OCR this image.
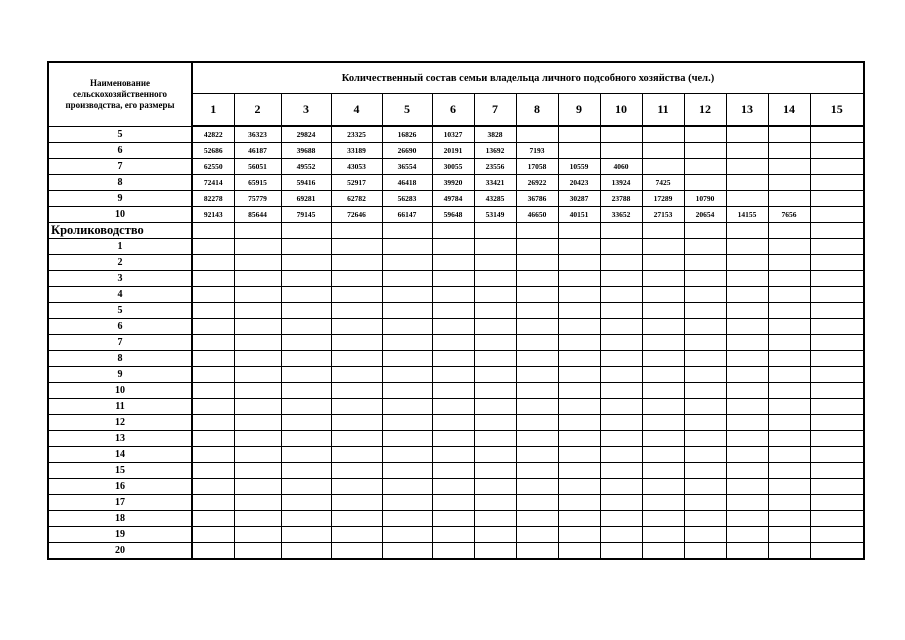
Наименование сельскохозяйственного производства, его размеры	Количественный состав семьи владельца личного подсобного хозяйства (чел.)														
	1	2	3	4	5	6	7	8	9	10	11	12	13	14	15
5	42822	36323	29824	23325	16826	10327	3828								
6	52686	46187	39688	33189	26690	20191	13692	7193							
7	62550	56051	49552	43053	36554	30055	23556	17058	10559	4060					
8	72414	65915	59416	52917	46418	39920	33421	26922	20423	13924	7425				
9	82278	75779	69281	62782	56283	49784	43285	36786	30287	23788	17289	10790			
10	92143	85644	79145	72646	66147	59648	53149	46650	40151	33652	27153	20654	14155	7656	
Кролиководство															
1															
2															
3															
4															
5															
6															
7															
8															
9															
10															
11															
12															
13															
14															
15															
16															
17															
18															
19															
20															
